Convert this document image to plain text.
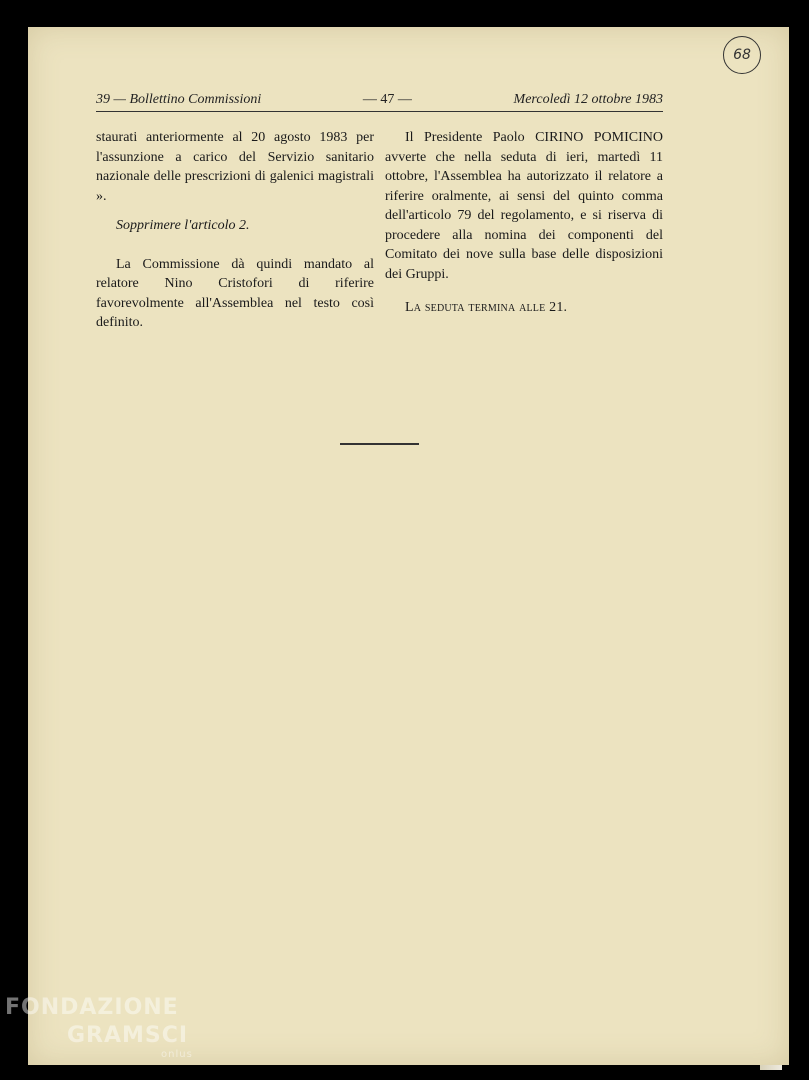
68
39 — Bollettino Commissioni	— 47 —	Mercoledì 12 ottobre 1983

staurati anteriormente al 20 agosto 1983 per l'assunzione a carico del Servizio sanitario nazionale delle prescrizioni di galenici magistrali ».

Sopprimere l'articolo 2.

La Commissione dà quindi mandato al relatore Nino Cristofori di riferire favorevolmente all'Assemblea nel testo così definito.

Il Presidente Paolo CIRINO POMICINO avverte che nella seduta di ieri, martedì 11 ottobre, l'Assemblea ha autorizzato il relatore a riferire oralmente, ai sensi del quinto comma dell'articolo 79 del regolamento, e si riserva di procedere alla nomina dei componenti del Comitato dei nove sulla base delle disposizioni dei Gruppi.

La seduta termina alle 21.

FONDAZIONE
GRAMSCI
onlus
